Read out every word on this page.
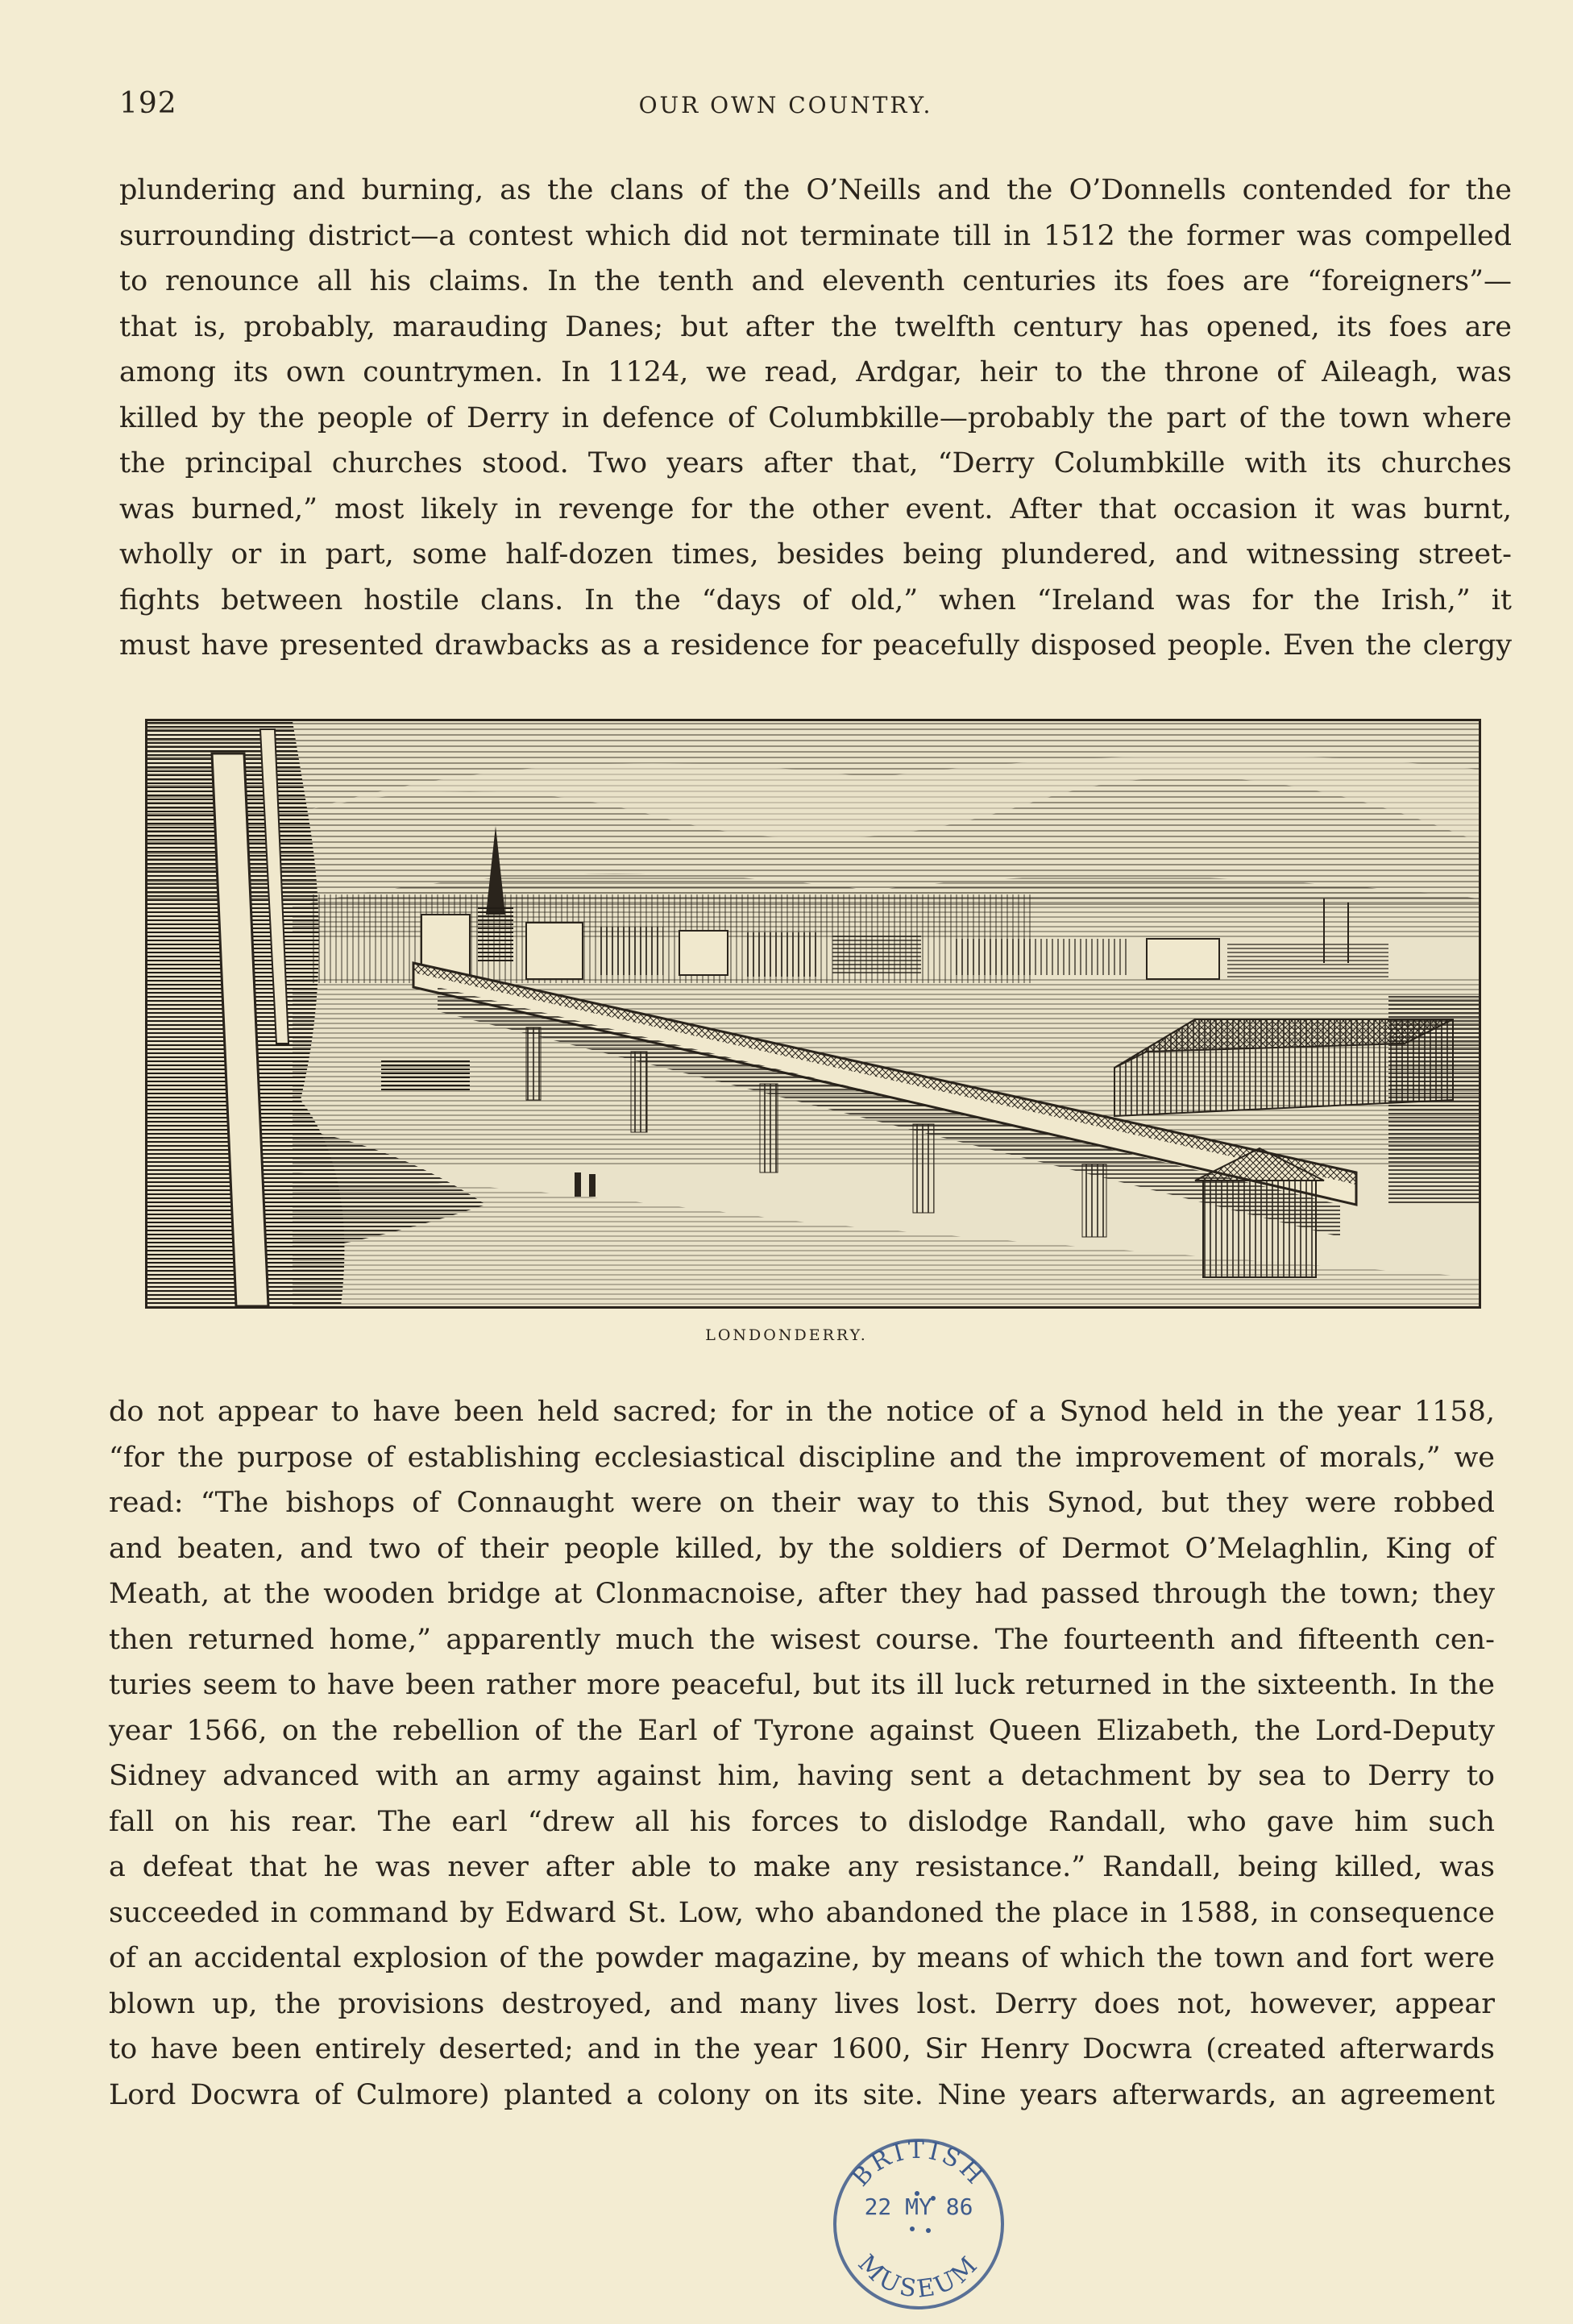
192	OUR OWN COUNTRY.
plundering and burning, as the clans of the O’Neills and the O’Donnells contended for the
surrounding district—a contest which did not terminate till in 1512 the former was compelled
to renounce all his claims. In the tenth and eleventh centuries its foes are “foreigners”—
that is, probably, marauding Danes; but after the twelfth century has opened, its foes are
among its own countrymen. In 1124, we read, Ardgar, heir to the throne of Aileagh, was
killed by the people of Derry in defence of Columbkille—probably the part of the town where
the principal churches stood. Two years after that, “Derry Columbkille with its churches
was burned,” most likely in revenge for the other event. After that occasion it was burnt,
wholly or in part, some half-dozen times, besides being plundered, and witnessing street-
fights between hostile clans. In the “days of old,” when “Ireland was for the Irish,” it
must have presented drawbacks as a residence for peacefully disposed people. Even the clergy
LONDONDERRY.
do not appear to have been held sacred; for in the notice of a Synod held in the year 1158,
“for the purpose of establishing ecclesiastical discipline and the improvement of morals,” we
read: “The bishops of Connaught were on their way to this Synod, but they were robbed
and beaten, and two of their people killed, by the soldiers of Dermot O’Melaghlin, King of
Meath, at the wooden bridge at Clonmacnoise, after they had passed through the town; they
then returned home,” apparently much the wisest course. The fourteenth and fifteenth cen-
turies seem to have been rather more peaceful, but its ill luck returned in the sixteenth. In the
year 1566, on the rebellion of the Earl of Tyrone against Queen Elizabeth, the Lord-Deputy
Sidney advanced with an army against him, having sent a detachment by sea to Derry to
fall on his rear. The earl “drew all his forces to dislodge Randall, who gave him such
a defeat that he was never after able to make any resistance.” Randall, being killed, was
succeeded in command by Edward St. Low, who abandoned the place in 1588, in consequence
of an accidental explosion of the powder magazine, by means of which the town and fort were
blown up, the provisions destroyed, and many lives lost. Derry does not, however, appear
to have been entirely deserted; and in the year 1600, Sir Henry Docwra (created afterwards
Lord Docwra of Culmore) planted a colony on its site. Nine years afterwards, an agreement
BRITISH
22 MY 86
MUSEUM
